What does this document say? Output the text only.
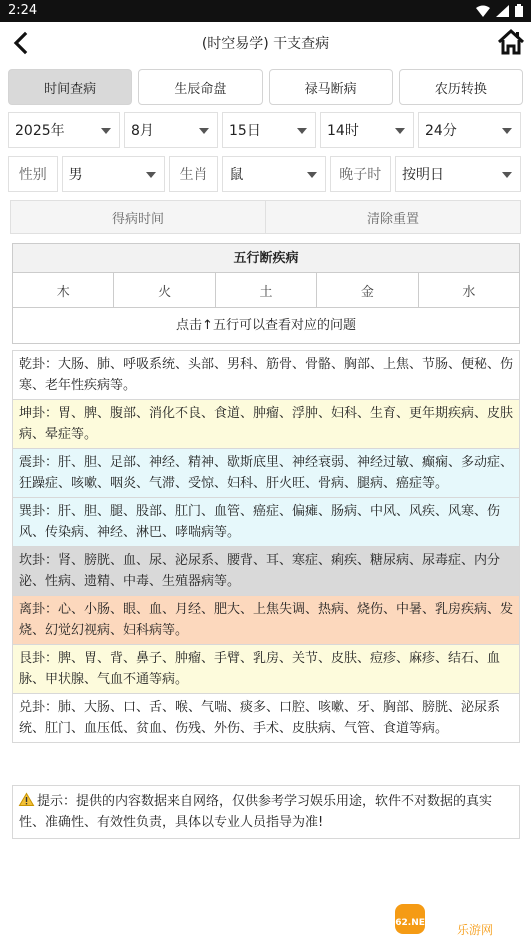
2:24
(时空易学) 干支查病
时间查病	生辰命盘	禄马断病	农历转换
2025年	8月	15日	14时	24分
性别	男	生肖	鼠	晚子时	按明日
得病时间	清除重置
五行断疾病
木	火	土	金	水
点击↑五行可以查看对应的问题
乾卦：大肠、肺、呼吸系统、头部、男科、筋骨、骨骼、胸部、上焦、节肠、便秘、伤寒、老年性疾病等。
坤卦：胃、脾、腹部、消化不良、食道、肿瘤、浮肿、妇科、生育、更年期疾病、皮肤病、晕症等。
震卦：肝、胆、足部、神经、精神、歇斯底里、神经衰弱、神经过敏、癫痫、多动症、狂躁症、咳嗽、咽炎、气滞、受惊、妇科、肝火旺、骨病、腿病、癌症等。
巽卦：肝、胆、腿、股部、肛门、血管、癌症、偏瘫、肠病、中风、风疾、风寒、伤风、传染病、神经、淋巴、哮喘病等。
坎卦：肾、膀胱、血、尿、泌尿系、腰背、耳、寒症、痢疾、糖尿病、尿毒症、内分泌、性病、遗精、中毒、生殖器病等。
离卦：心、小肠、眼、血、月经、肥大、上焦失调、热病、烧伤、中暑、乳房疾病、发烧、幻觉幻视病、妇科病等。
艮卦：脾、胃、背、鼻子、肿瘤、手臂、乳房、关节、皮肤、痘疹、麻疹、结石、血脉、甲状腺、气血不通等病。
兑卦：肺、大肠、口、舌、喉、气喘、痰多、口腔、咳嗽、牙、胸部、膀胱、泌尿系统、肛门、血压低、贫血、伤残、外伤、手术、皮肤病、气管、食道等病。
提示：提供的内容数据来自网络，仅供参考学习娱乐用途，软件不对数据的真实性、准确性、有效性负责，具体以专业人员指导为准!
962.NET 乐游网
